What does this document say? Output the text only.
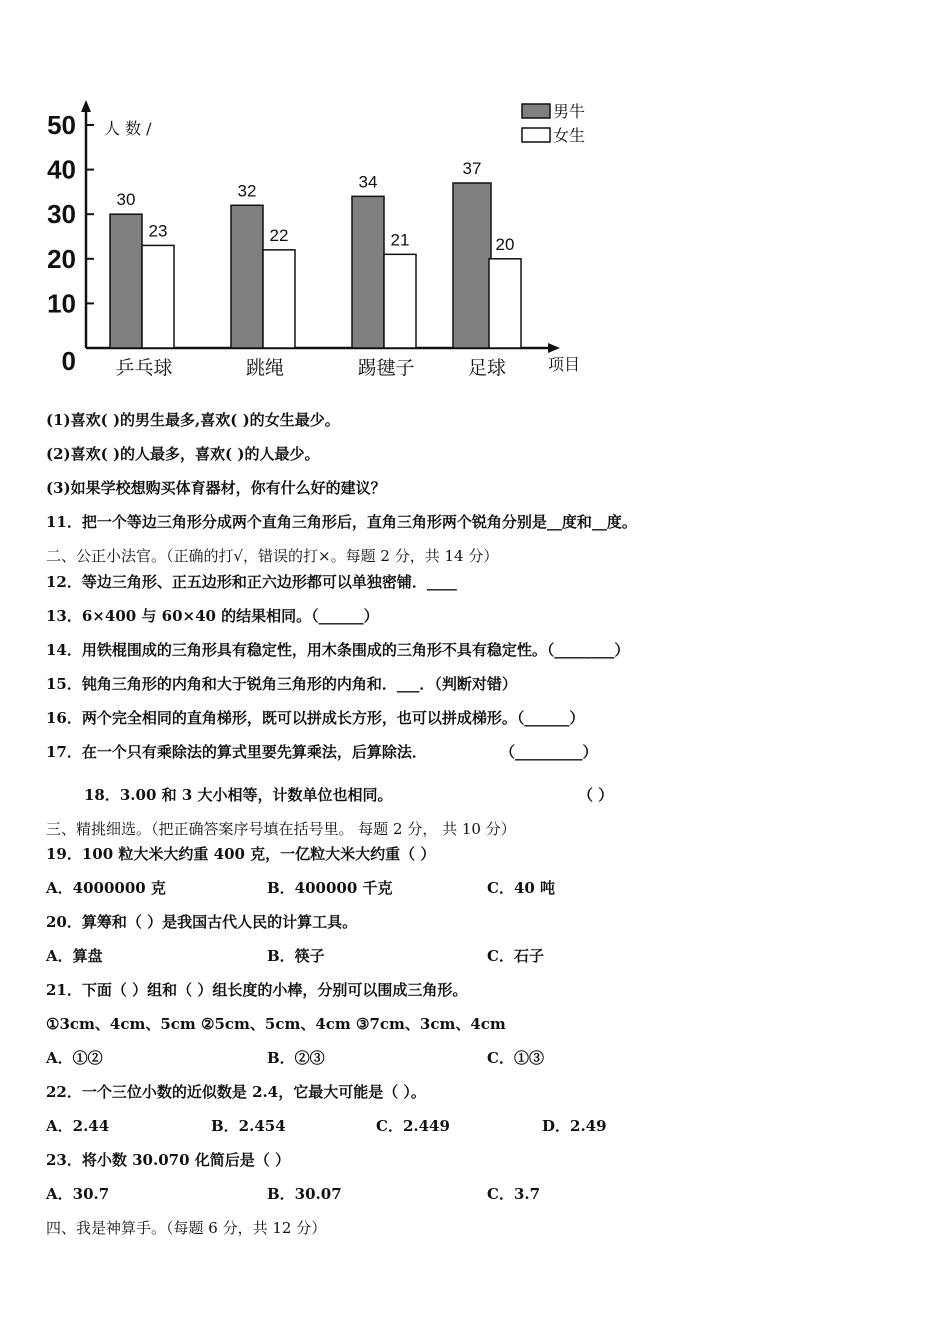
0
10
20
30
40
50 人 数 /
项目
30
23
乒乓球
32
22
跳绳
34
21
踢毽子
37
20
足球
男牛
女生
(1)喜欢( )的男生最多,喜欢( )的女生最少。
(2)喜欢( )的人最多，喜欢( )的人最少。
(3)如果学校想购买体育器材，你有什么好的建议？
11．把一个等边三角形分成两个直角三角形后，直角三角形两个锐角分别是__度和__度。
二、公正小法官。（正确的打√，错误的打×。每题 2 分，共 14 分）
12．等边三角形、正五边形和正六边形都可以单独密铺．____
13．6×400 与 60×40 的结果相同。（______）
14．用铁棍围成的三角形具有稳定性，用木条围成的三角形不具有稳定性。（________）
15．钝角三角形的内角和大于锐角三角形的内角和．___．（判断对错）
16．两个完全相同的直角梯形，既可以拼成长方形，也可以拼成梯形。（______）
17．在一个只有乘除法的算式里要先算乘法，后算除法．	（_________）
18．3.00 和 3 大小相等，计数单位也相同。	（ ）
三、精挑细选。（把正确答案序号填在括号里。 每题 2 分， 共 10 分）
19．100 粒大米大约重 400 克，一亿粒大米大约重（ ）
A．4000000 克	B．400000 千克	C．40 吨
20．算筹和（ ）是我国古代人民的计算工具。
A．算盘	B．筷子	C．石子
21．下面（ ）组和（ ）组长度的小棒，分别可以围成三角形。
①3cm、4cm、5cm ②5cm、5cm、4cm ③7cm、3cm、4cm
A．①②	B．②③	C．①③
22．一个三位小数的近似数是 2.4，它最大可能是（ ）。
A．2.44	B．2.454	C．2.449	D．2.49
23．将小数 30.070 化简后是（ ）
A．30.7	B．30.07	C．3.7
四、我是神算手。（每题 6 分，共 12 分）
